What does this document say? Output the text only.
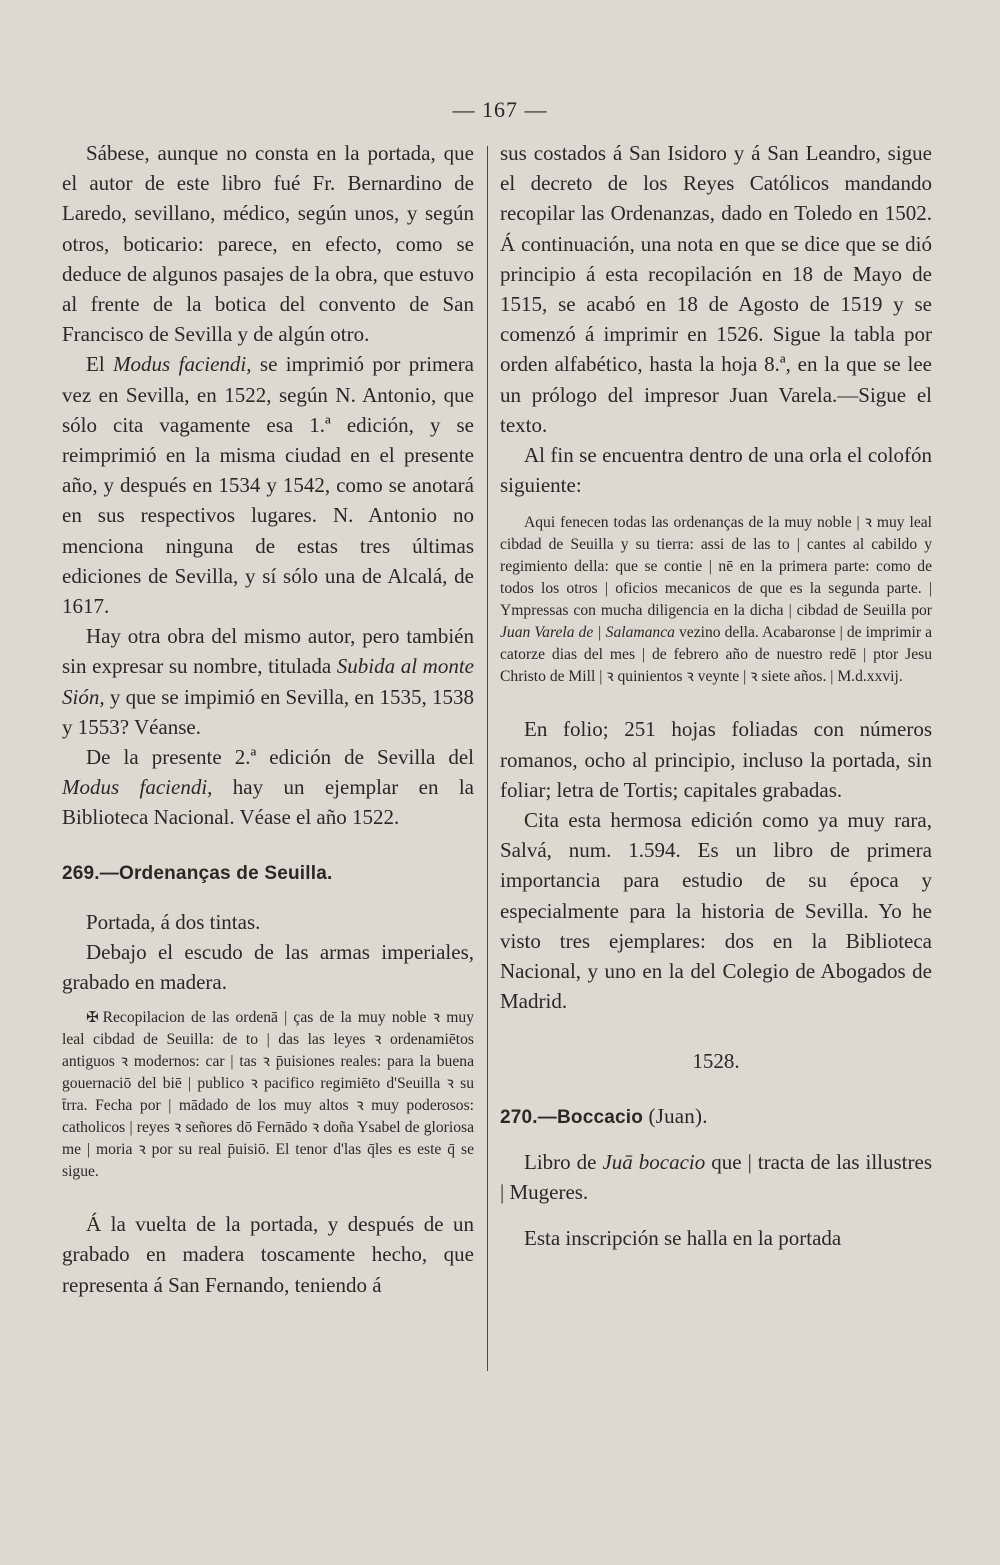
— 167 —

Sábese, aunque no consta en la portada, que el autor de este libro fué Fr. Bernardino de Laredo, sevillano, médico, según unos, y según otros, boticario: parece, en efecto, como se deduce de algunos pasajes de la obra, que estuvo al frente de la botica del convento de San Francisco de Sevilla y de algún otro.

El Modus faciendi, se imprimió por primera vez en Sevilla, en 1522, según N. Antonio, que sólo cita vagamente esa 1.ª edición, y se reimprimió en la misma ciudad en el presente año, y después en 1534 y 1542, como se anotará en sus respectivos lugares. N. Antonio no menciona ninguna de estas tres últimas ediciones de Sevilla, y sí sólo una de Alcalá, de 1617.

Hay otra obra del mismo autor, pero también sin expresar su nombre, titulada Subida al monte Sión, y que se impimió en Sevilla, en 1535, 1538 y 1553? Véanse.

De la presente 2.ª edición de Sevilla del Modus faciendi, hay un ejemplar en la Biblioteca Nacional. Véase el año 1522.

269.—Ordenanças de Seuilla.

Portada, á dos tintas.

Debajo el escudo de las armas imperiales, grabado en madera.

✠ Recopilacion de las ordenā | ças de la muy noble ꝛ muy leal cibdad de Seuilla: de to | das las leyes ꝛ ordenamiētos antiguos ꝛ modernos: car | tas ꝛ p̄uisiones reales: para la buena gouernaciō del biē | publico ꝛ pacifico regimiēto d'Seuilla ꝛ su t̄rra. Fecha por | mādado de los muy altos ꝛ muy poderosos: catholicos | reyes ꝛ señores dō Fernādo ꝛ doña Ysabel de gloriosa me | moria ꝛ por su real p̄uisiō. El tenor d'las q̄les es este q̄ se sigue.

Á la vuelta de la portada, y después de un grabado en madera toscamente hecho, que representa á San Fernando, teniendo á

sus costados á San Isidoro y á San Leandro, sigue el decreto de los Reyes Católicos mandando recopilar las Ordenanzas, dado en Toledo en 1502. Á continuación, una nota en que se dice que se dió principio á esta recopilación en 18 de Mayo de 1515, se acabó en 18 de Agosto de 1519 y se comenzó á imprimir en 1526. Sigue la tabla por orden alfabético, hasta la hoja 8.ª, en la que se lee un prólogo del impresor Juan Varela.—Sigue el texto.

Al fin se encuentra dentro de una orla el colofón siguiente:

Aqui fenecen todas las ordenanças de la muy noble | ꝛ muy leal cibdad de Seuilla y su tierra: assi de las to | cantes al cabildo y regimiento della: que se contie | nē en la primera parte: como de todos los otros | oficios mecanicos de que es la segunda parte. | Ympressas con mucha diligencia en la dicha | cibdad de Seuilla por Juan Varela de | Salamanca vezino della. Acabaronse | de imprimir a catorze dias del mes | de febrero año de nuestro redē | ptor Jesu Christo de Mill | ꝛ quinientos ꝛ veynte | ꝛ siete años. | M.d.xxvij.

En folio; 251 hojas foliadas con números romanos, ocho al principio, incluso la portada, sin foliar; letra de Tortis; capitales grabadas.

Cita esta hermosa edición como ya muy rara, Salvá, num. 1.594. Es un libro de primera importancia para estudio de su época y especialmente para la historia de Sevilla. Yo he visto tres ejemplares: dos en la Biblioteca Nacional, y uno en la del Colegio de Abogados de Madrid.

1528.

270.—Boccacio (Juan).

Libro de Juā bocacio que | tracta de las illustres | Mugeres.

Esta inscripción se halla en la portada
